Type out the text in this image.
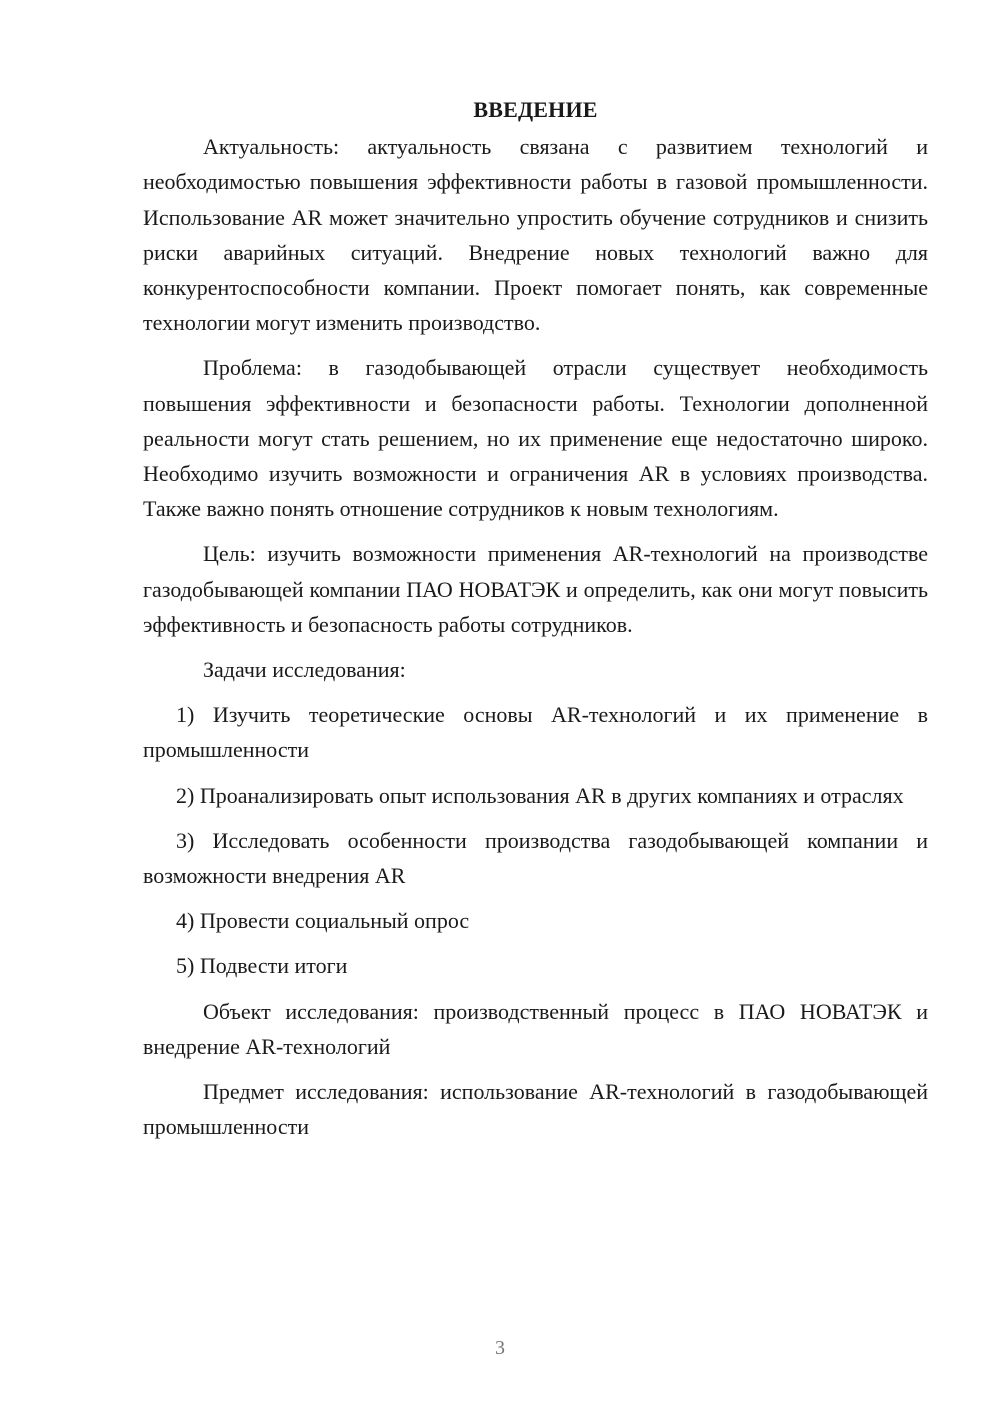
ВВЕДЕНИЕ

Актуальность: актуальность связана с развитием технологий и необходимостью повышения эффективности работы в газовой промышленности. Использование AR может значительно упростить обучение сотрудников и снизить риски аварийных ситуаций. Внедрение новых технологий важно для конкурентоспособности компании. Проект помогает понять, как современные технологии могут изменить производство.

Проблема: в газодобывающей отрасли существует необходимость повышения эффективности и безопасности работы. Технологии дополненной реальности могут стать решением, но их применение еще недостаточно широко. Необходимо изучить возможности и ограничения AR в условиях производства. Также важно понять отношение сотрудников к новым технологиям.

Цель: изучить возможности применения AR-технологий на производстве газодобывающей компании ПАО НОВАТЭК и определить, как они могут повысить эффективность и безопасность работы сотрудников.

Задачи исследования:

1) Изучить теоретические основы AR-технологий и их применение в промышленности

2) Проанализировать опыт использования AR в других компаниях и отраслях

3) Исследовать особенности производства газодобывающей компании и возможности внедрения AR

4) Провести социальный опрос

5) Подвести итоги

Объект исследования: производственный процесс в ПАО НОВАТЭК и внедрение AR-технологий

Предмет исследования: использование AR-технологий в газодобывающей промышленности

3
